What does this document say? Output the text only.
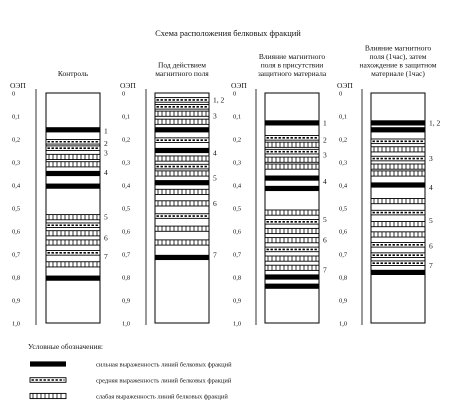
Схема расположения белковых фракций
Контроль
ОЭП
0
0,1
0,2
0,3
0,4
0,5
0,6
0,7
0,8
0,9
1,0
1
2
3
4
5
6
7
Под действием
магнитного поля
ОЭП
0
0,1
0,2
0,3
0,4
0,5
0,6
0,7
0,8
0,9
1,0
1, 2
3
4
5
6
7
Влияние магнитного
поля в присутствии
защитного материала
ОЭП
0
0,1
0,2
0,3
0,4
0,5
0,6
0,7
0,8
0,9
1,0
1
2
3
4
5
6
7
Влияние магнитного
поля (1час), затем
нахождение в защитном
материале (1час)
ОЭП
0
0,1
0,2
0,3
0,4
0,5
0,6
0,7
0,8
0,9
1,0
1, 2
3
4
5
6
7
Условные обозначения:
сильная выраженность линий белковых фракций
средняя выраженность линий белковых фракций
слабая выраженность линий белковых фракций
